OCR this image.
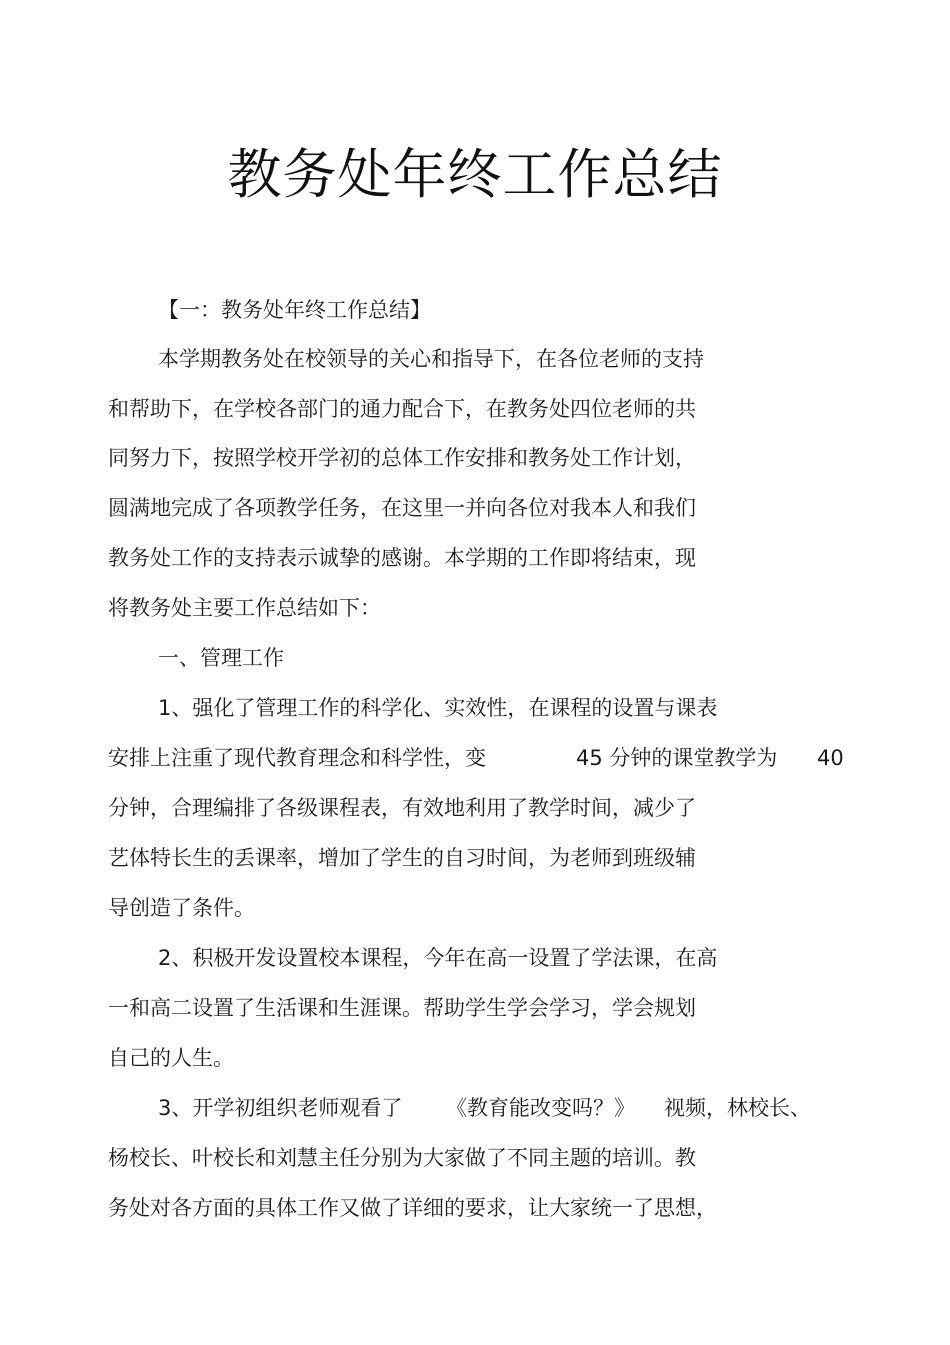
教务处年终工作总结
【一：教务处年终工作总结】
本学期教务处在校领导的关心和指导下，在各位老师的支持
和帮助下，在学校各部门的通力配合下，在教务处四位老师的共
同努力下，按照学校开学初的总体工作安排和教务处工作计划，
圆满地完成了各项教学任务，在这里一并向各位对我本人和我们
教务处工作的支持表示诚挚的感谢。本学期的工作即将结束，现
将教务处主要工作总结如下：
一、管理工作
1、强化了管理工作的科学化、实效性，在课程的设置与课表
安排上注重了现代教育理念和科学性，变	45 分钟的课堂教学为 40
分钟，合理编排了各级课程表，有效地利用了教学时间，减少了
艺体特长生的丢课率，增加了学生的自习时间，为老师到班级辅
导创造了条件。
2、积极开发设置校本课程，今年在高一设置了学法课，在高
一和高二设置了生活课和生涯课。帮助学生学会学习，学会规划
自己的人生。
3、开学初组织老师观看了 《教育能改变吗？》 视频，林校长、
杨校长、叶校长和刘慧主任分别为大家做了不同主题的培训。教
务处对各方面的具体工作又做了详细的要求，让大家统一了思想，
